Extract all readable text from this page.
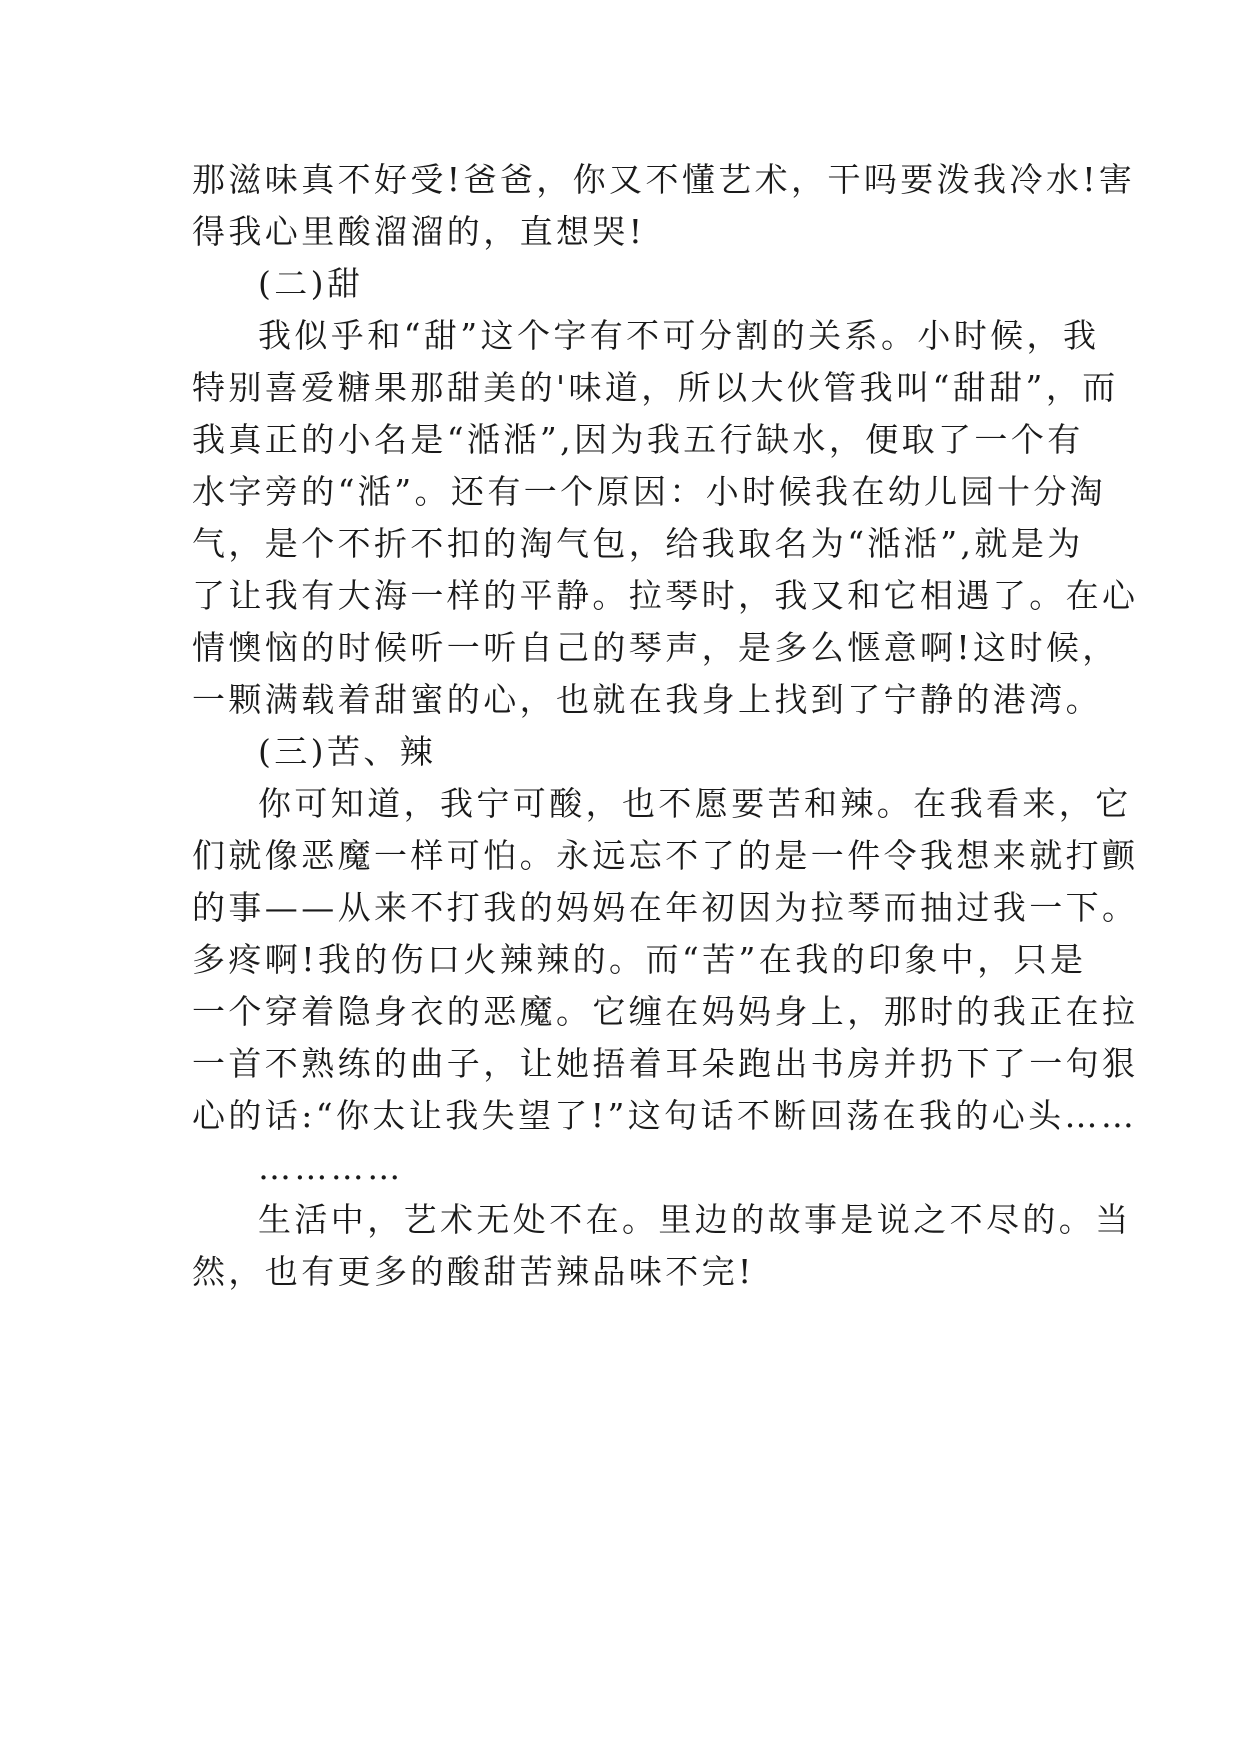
那滋味真不好受!爸爸，你又不懂艺术，干吗要泼我冷水!害
得我心里酸溜溜的，直想哭!
(二)甜
我似乎和“甜”这个字有不可分割的关系。小时候，我
特别喜爱糖果那甜美的'味道，所以大伙管我叫“甜甜”，而
我真正的小名是“湉湉”,因为我五行缺水，便取了一个有
水字旁的“湉”。还有一个原因：小时候我在幼儿园十分淘
气，是个不折不扣的淘气包，给我取名为“湉湉”,就是为
了让我有大海一样的平静。拉琴时，我又和它相遇了。在心
情懊恼的时候听一听自己的琴声，是多么惬意啊!这时候，
一颗满载着甜蜜的心，也就在我身上找到了宁静的港湾。
(三)苦、辣
你可知道，我宁可酸，也不愿要苦和辣。在我看来，它
们就像恶魔一样可怕。永远忘不了的是一件令我想来就打颤
的事——从来不打我的妈妈在年初因为拉琴而抽过我一下。
多疼啊!我的伤口火辣辣的。而“苦”在我的印象中，只是
一个穿着隐身衣的恶魔。它缠在妈妈身上，那时的我正在拉
一首不熟练的曲子，让她捂着耳朵跑出书房并扔下了一句狠
心的话:“你太让我失望了!”这句话不断回荡在我的心头……
…………
生活中，艺术无处不在。里边的故事是说之不尽的。当
然，也有更多的酸甜苦辣品味不完!
